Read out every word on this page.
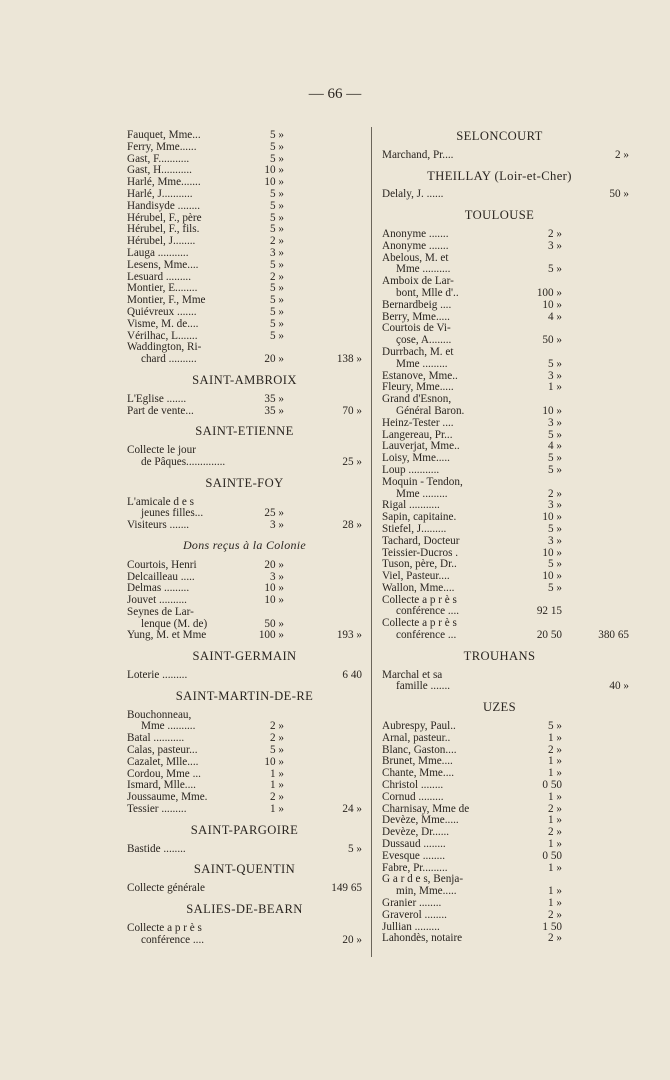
— 66 —
Fauquet, Mme...	5 »
Ferry, Mme......	5 »
Gast, F...........	5 »
Gast, H...........	10 »
Harlé, Mme.......	10 »
Harlé, J...........	5 »
Handisyde ........	5 »
Hérubel, F., père	5 »
Hérubel, F., fils.	5 »
Hérubel, J........	2 »
Lauga ...........	3 »
Lesens, Mme....	5 »
Lesuard .........	2 »
Montier, E........	5 »
Montier, F., Mme	5 »
Quiévreux .......	5 »
Visme, M. de....	5 »
Vérilhac, L.......	5 »
Waddington, Ri-
chard ..........	20 »	138 »
SAINT-AMBROIX
L'Eglise .......	35 »
Part de vente...	35 »	70 »
SAINT-ETIENNE
Collecte le jour
de Pâques..............	25 »
SAINTE-FOY
L'amicale d e s
jeunes filles...	25 »
Visiteurs .......	3 »	28 »
Dons reçus à la Colonie
Courtois, Henri	20 »
Delcailleau .....	3 »
Delmas .........	10 »
Jouvet ..........	10 »
Seynes de Lar-
lenque (M. de)	50 »
Yung, M. et Mme	100 »	193 »
SAINT-GERMAIN
Loterie .........	6 40
SAINT-MARTIN-DE-RE
Bouchonneau,
Mme ..........	2 »
Batal ...........	2 »
Calas, pasteur...	5 »
Cazalet, Mlle....	10 »
Cordou, Mme ...	1 »
Ismard, Mlle....	1 »
Joussaume, Mme.	2 »
Tessier .........	1 »	24 »
SAINT-PARGOIRE
Bastide ........	5 »
SAINT-QUENTIN
Collecte générale	149 65
SALIES-DE-BEARN
Collecte a p r è s
conférence ....	20 »
SELONCOURT
Marchand, Pr....	2 »
THEILLAY (Loir-et-Cher)
Delaly, J. ......	50 »
TOULOUSE
Anonyme .......	2 »
Anonyme .......	3 »
Abelous, M. et
Mme ..........	5 »
Amboix de Lar-
bont, Mlle d'..	100 »
Bernardbeig ....	10 »
Berry, Mme.....	4 »
Courtois de Vi-
çose, A........	50 »
Durrbach, M. et
Mme .........	5 »
Estanove, Mme..	3 »
Fleury, Mme.....	1 »
Grand d'Esnon,
Général Baron.	10 »
Heinz-Tester ....	3 »
Langereau, Pr...	5 »
Lauverjat, Mme..	4 »
Loisy, Mme.....	5 »
Loup ...........	5 »
Moquin - Tendon,
Mme .........	2 »
Rigal ...........	3 »
Sapin, capitaine.	10 »
Stiefel, J.........	5 »
Tachard, Docteur	3 »
Teissier-Ducros .	10 »
Tuson, père, Dr..	5 »
Viel, Pasteur....	10 »
Wallon, Mme....	5 »
Collecte a p r è s
conférence ....	92 15
Collecte a p r è s
conférence ...	20 50	380 65
TROUHANS
Marchal et sa
famille .......	40 »
UZES
Aubrespy, Paul..	5 »
Arnal, pasteur..	1 »
Blanc, Gaston....	2 »
Brunet, Mme....	1 »
Chante, Mme....	1 »
Christol ........	0 50
Cornud .........	1 »
Charnisay, Mme de	2 »
Devèze, Mme.....	1 »
Devèze, Dr......	2 »
Dussaud ........	1 »
Evesque ........	0 50
Fabre, Pr.........	1 »
G a r d e s, Benja-
min, Mme.....	1 »
Granier ........	1 »
Graverol ........	2 »
Jullian .........	1 50
Lahondès, notaire	2 »
